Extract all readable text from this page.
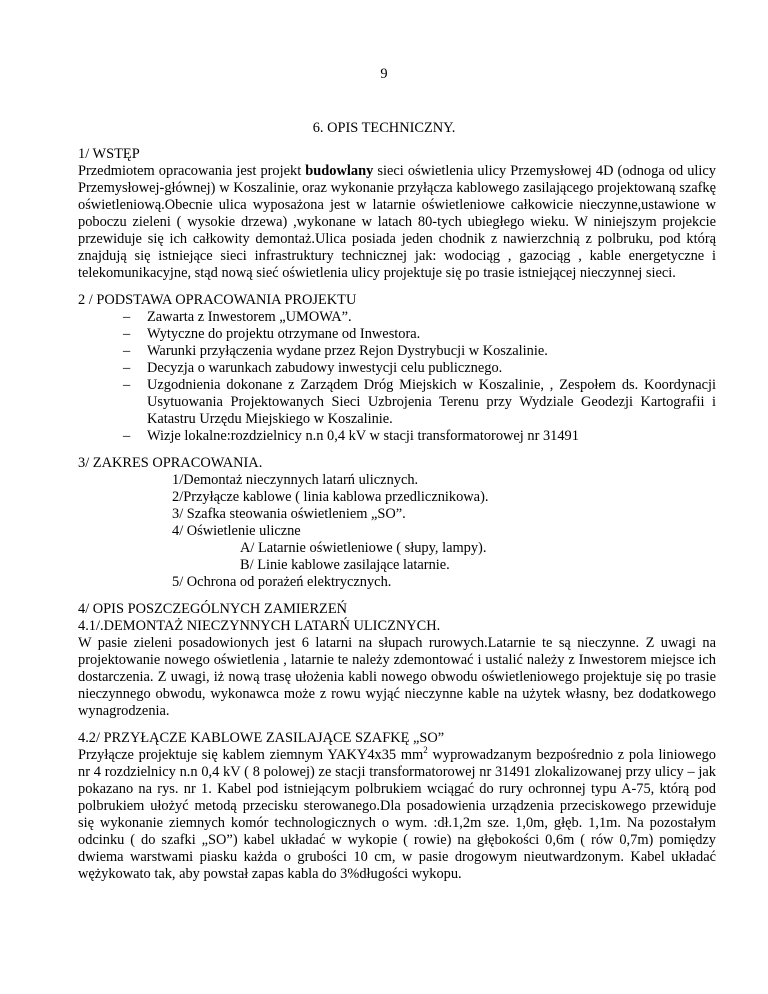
9
6. OPIS TECHNICZNY.

1/ WSTĘP

Przedmiotem opracowania jest projekt budowlany sieci oświetlenia ulicy Przemysłowej 4D (odnoga od ulicy Przemysłowej-głównej) w Koszalinie, oraz wykonanie przyłącza kablowego zasilającego projektowaną szafkę oświetleniową.Obecnie ulica wyposażona jest w latarnie oświetleniowe całkowicie nieczynne,ustawione w poboczu zieleni ( wysokie drzewa) ,wykonane w latach 80-tych ubiegłego wieku. W niniejszym projekcie przewiduje się ich całkowity demontaż.Ulica posiada jeden chodnik z nawierzchnią z polbruku, pod którą znajdują się istniejące sieci infrastruktury technicznej jak: wodociąg , gazociąg , kable energetyczne i telekomunikacyjne, stąd nową sieć oświetlenia ulicy projektuje się po trasie istniejącej nieczynnej sieci.

2 / PODSTAWA OPRACOWANIA PROJEKTU

– Zawarta z Inwestorem „UMOWA”.
– Wytyczne do projektu otrzymane od Inwestora.
– Warunki przyłączenia wydane przez Rejon Dystrybucji w Koszalinie.
– Decyzja o warunkach zabudowy inwestycji celu publicznego.
– Uzgodnienia dokonane z Zarządem Dróg Miejskich w Koszalinie, , Zespołem ds. Koordynacji Usytuowania Projektowanych Sieci Uzbrojenia Terenu przy Wydziale Geodezji Kartografii i Katastru Urzędu Miejskiego w Koszalinie.
– Wizje lokalne:rozdzielnicy n.n 0,4 kV w stacji transformatorowej nr 31491

3/ ZAKRES OPRACOWANIA.

1/Demontaż nieczynnych latarń ulicznych.

2/Przyłącze kablowe ( linia kablowa przedlicznikowa).

3/ Szafka steowania oświetleniem „SO”.

4/ Oświetlenie uliczne

A/ Latarnie oświetleniowe ( słupy, lampy).

B/ Linie kablowe zasilające latarnie.

5/ Ochrona od porażeń elektrycznych.

4/ OPIS POSZCZEGÓLNYCH ZAMIERZEŃ

4.1/.DEMONTAŻ NIECZYNNYCH LATARŃ ULICZNYCH.

W pasie zieleni posadowionych jest 6 latarni na słupach rurowych.Latarnie te są nieczynne. Z uwagi na projektowanie nowego oświetlenia , latarnie te należy zdemontować i ustalić należy z Inwestorem miejsce ich dostarczenia. Z uwagi, iż nową trasę ułożenia kabli nowego obwodu oświetleniowego projektuje się po trasie nieczynnego obwodu, wykonawca może z rowu wyjąć nieczynne kable na użytek własny, bez dodatkowego wynagrodzenia.

4.2/ PRZYŁĄCZE KABLOWE ZASILAJĄCE SZAFKĘ „SO”

Przyłącze projektuje się kablem ziemnym YAKY4x35 $mm^2$ wyprowadzanym bezpośrednio z pola liniowego nr 4 rozdzielnicy n.n 0,4 kV ( 8 polowej) ze stacji transformatorowej nr 31491 zlokalizowanej przy ulicy – jak pokazano na rys. nr 1. Kabel pod istniejącym polbrukiem wciągać do rury ochronnej typu A-75, którą pod polbrukiem ułożyć metodą przecisku sterowanego.Dla posadowienia urządzenia przeciskowego przewiduje się wykonanie ziemnych komór technologicznych o wym. :dł.1,2m sze. 1,0m, głęb. 1,1m. Na pozostałym odcinku ( do szafki „SO”) kabel układać w wykopie ( rowie) na głębokości 0,6m ( rów 0,7m) pomiędzy dwiema warstwami piasku każda o grubości 10 cm, w pasie drogowym nieutwardzonym. Kabel układać wężykowato tak, aby powstał zapas kabla do 3%długości wykopu.
